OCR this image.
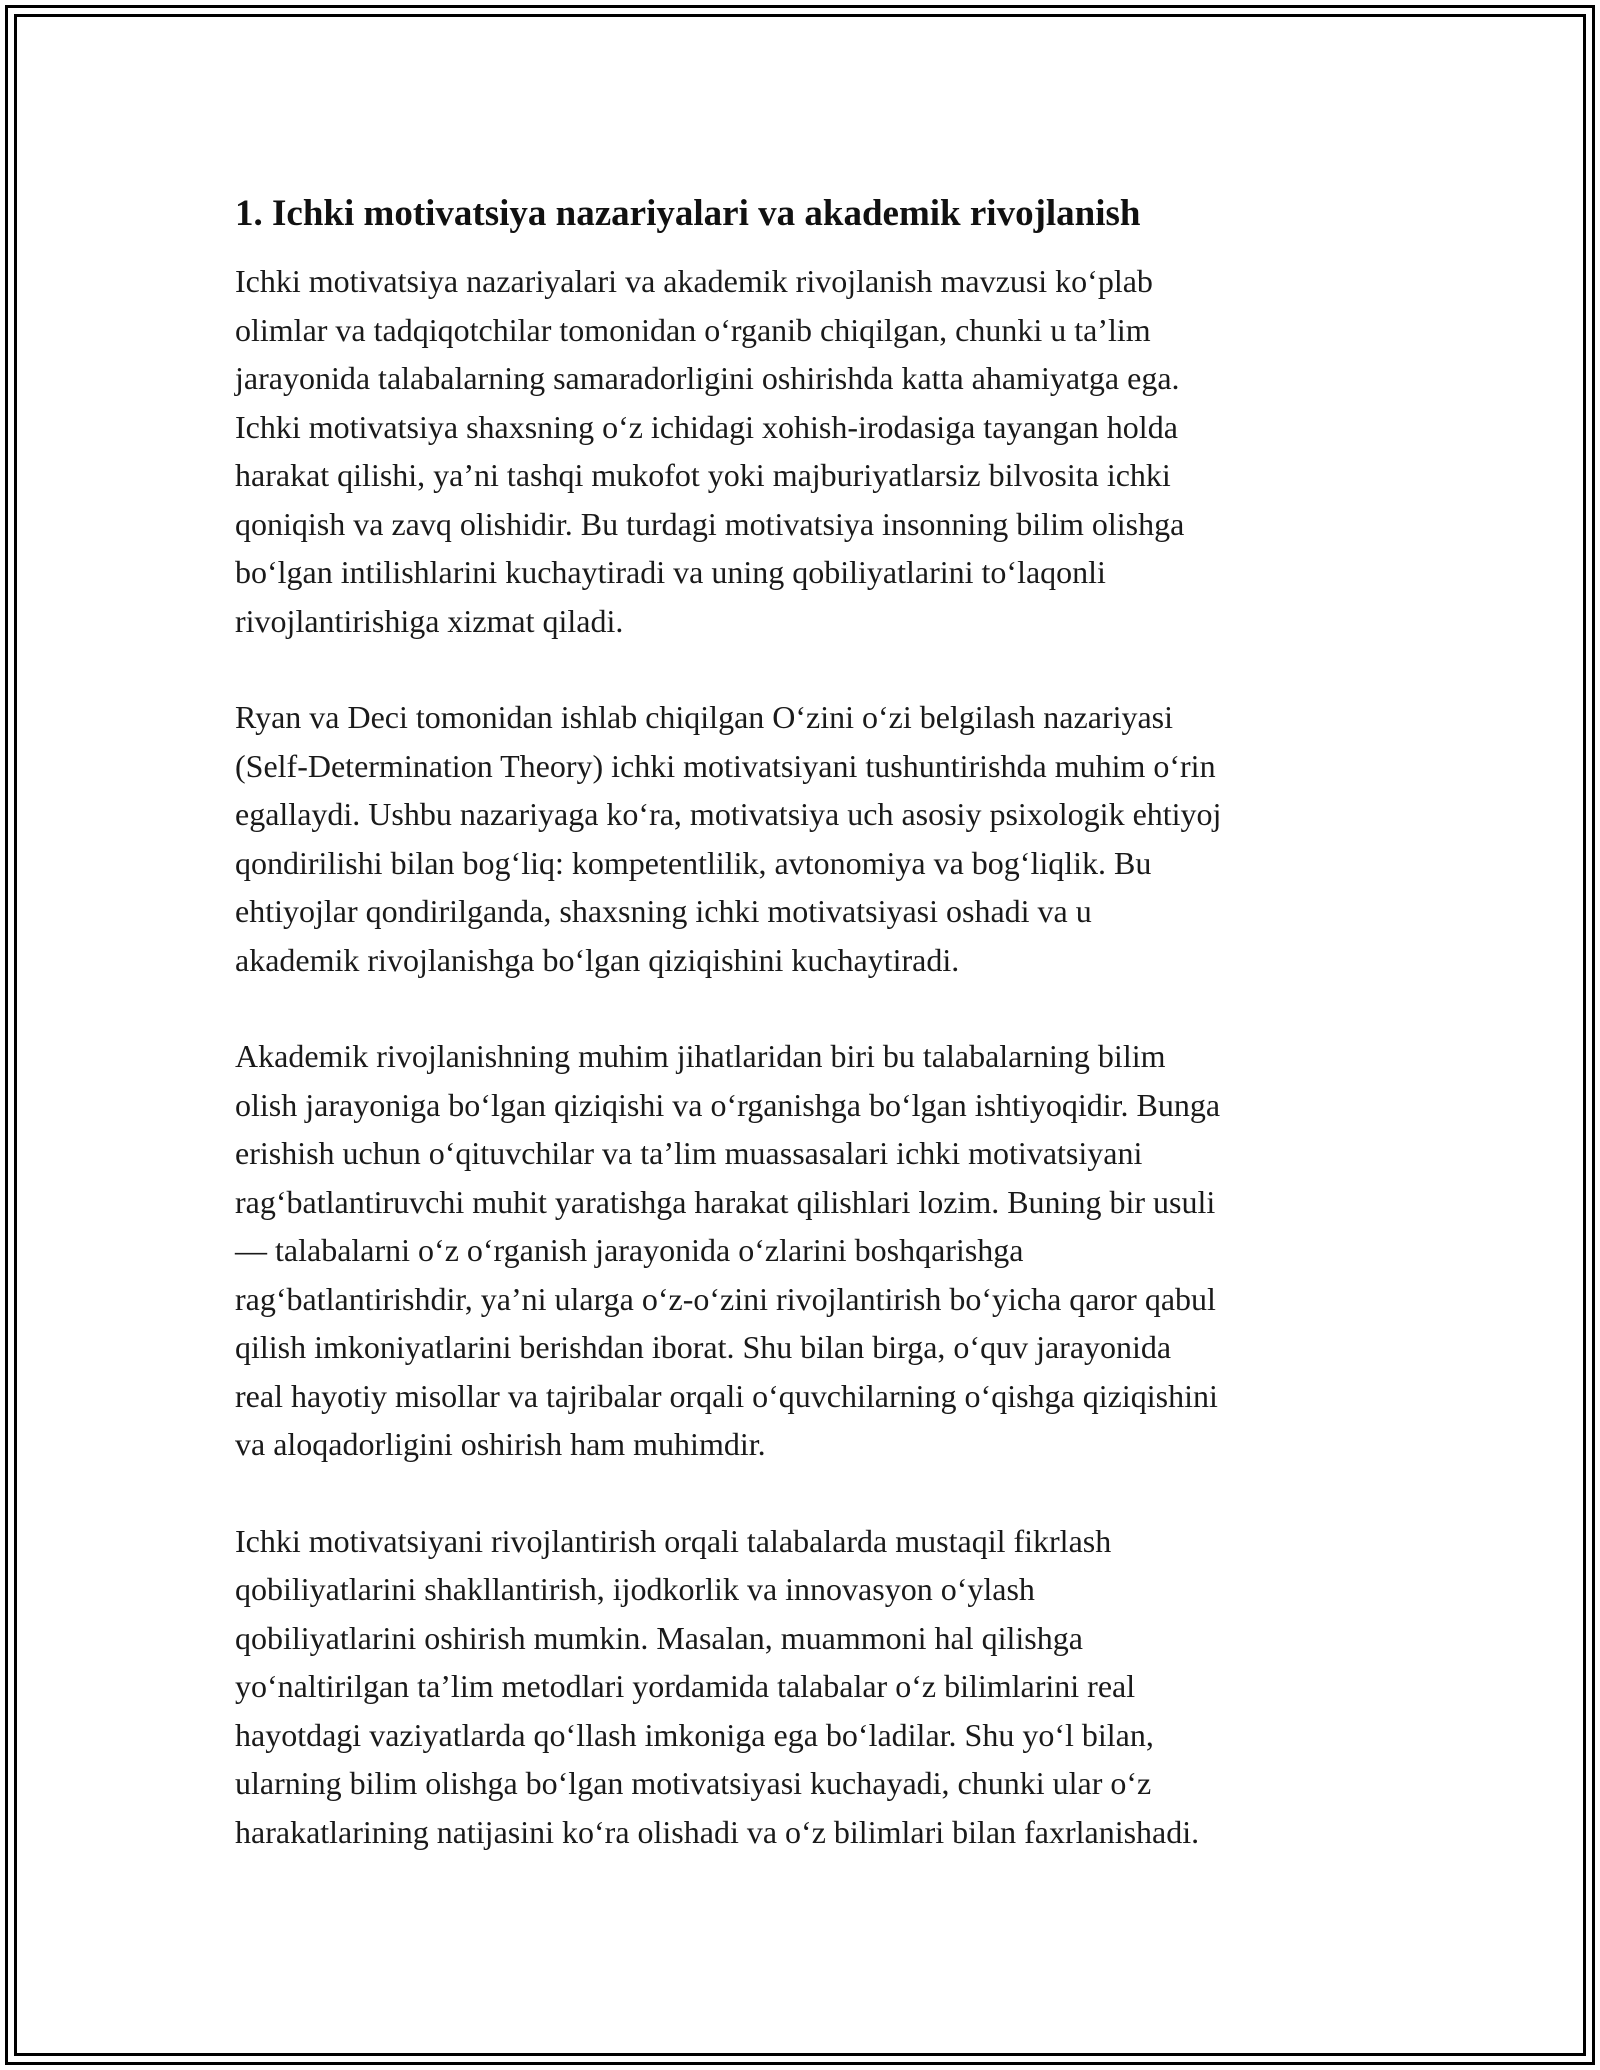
1. Ichki motivatsiya nazariyalari va akademik rivojlanish

Ichki motivatsiya nazariyalari va akademik rivojlanish mavzusi koʻplab
olimlar va tadqiqotchilar tomonidan oʻrganib chiqilgan, chunki u taʼlim
jarayonida talabalarning samaradorligini oshirishda katta ahamiyatga ega.
Ichki motivatsiya shaxsning oʻz ichidagi xohish-irodasiga tayangan holda
harakat qilishi, yaʼni tashqi mukofot yoki majburiyatlarsiz bilvosita ichki
qoniqish va zavq olishidir. Bu turdagi motivatsiya insonning bilim olishga
boʻlgan intilishlarini kuchaytiradi va uning qobiliyatlarini toʻlaqonli
rivojlantirishiga xizmat qiladi.

Ryan va Deci tomonidan ishlab chiqilgan Oʻzini oʻzi belgilash nazariyasi
(Self-Determination Theory) ichki motivatsiyani tushuntirishda muhim oʻrin
egallaydi. Ushbu nazariyaga koʻra, motivatsiya uch asosiy psixologik ehtiyoj
qondirilishi bilan bogʻliq: kompetentlilik, avtonomiya va bogʻliqlik. Bu
ehtiyojlar qondirilganda, shaxsning ichki motivatsiyasi oshadi va u
akademik rivojlanishga boʻlgan qiziqishini kuchaytiradi.

Akademik rivojlanishning muhim jihatlaridan biri bu talabalarning bilim
olish jarayoniga boʻlgan qiziqishi va oʻrganishga boʻlgan ishtiyoqidir. Bunga
erishish uchun oʻqituvchilar va taʼlim muassasalari ichki motivatsiyani
ragʻbatlantiruvchi muhit yaratishga harakat qilishlari lozim. Buning bir usuli
— talabalarni oʻz oʻrganish jarayonida oʻzlarini boshqarishga
ragʻbatlantirishdir, yaʼni ularga oʻz-oʻzini rivojlantirish boʻyicha qaror qabul
qilish imkoniyatlarini berishdan iborat. Shu bilan birga, oʻquv jarayonida
real hayotiy misollar va tajribalar orqali oʻquvchilarning oʻqishga qiziqishini
va aloqadorligini oshirish ham muhimdir.

Ichki motivatsiyani rivojlantirish orqali talabalarda mustaqil fikrlash
qobiliyatlarini shakllantirish, ijodkorlik va innovasyon oʻylash
qobiliyatlarini oshirish mumkin. Masalan, muammoni hal qilishga
yoʻnaltirilgan taʼlim metodlari yordamida talabalar oʻz bilimlarini real
hayotdagi vaziyatlarda qoʻllash imkoniga ega boʻladilar. Shu yoʻl bilan,
ularning bilim olishga boʻlgan motivatsiyasi kuchayadi, chunki ular oʻz
harakatlarining natijasini koʻra olishadi va oʻz bilimlari bilan faxrlanishadi.
